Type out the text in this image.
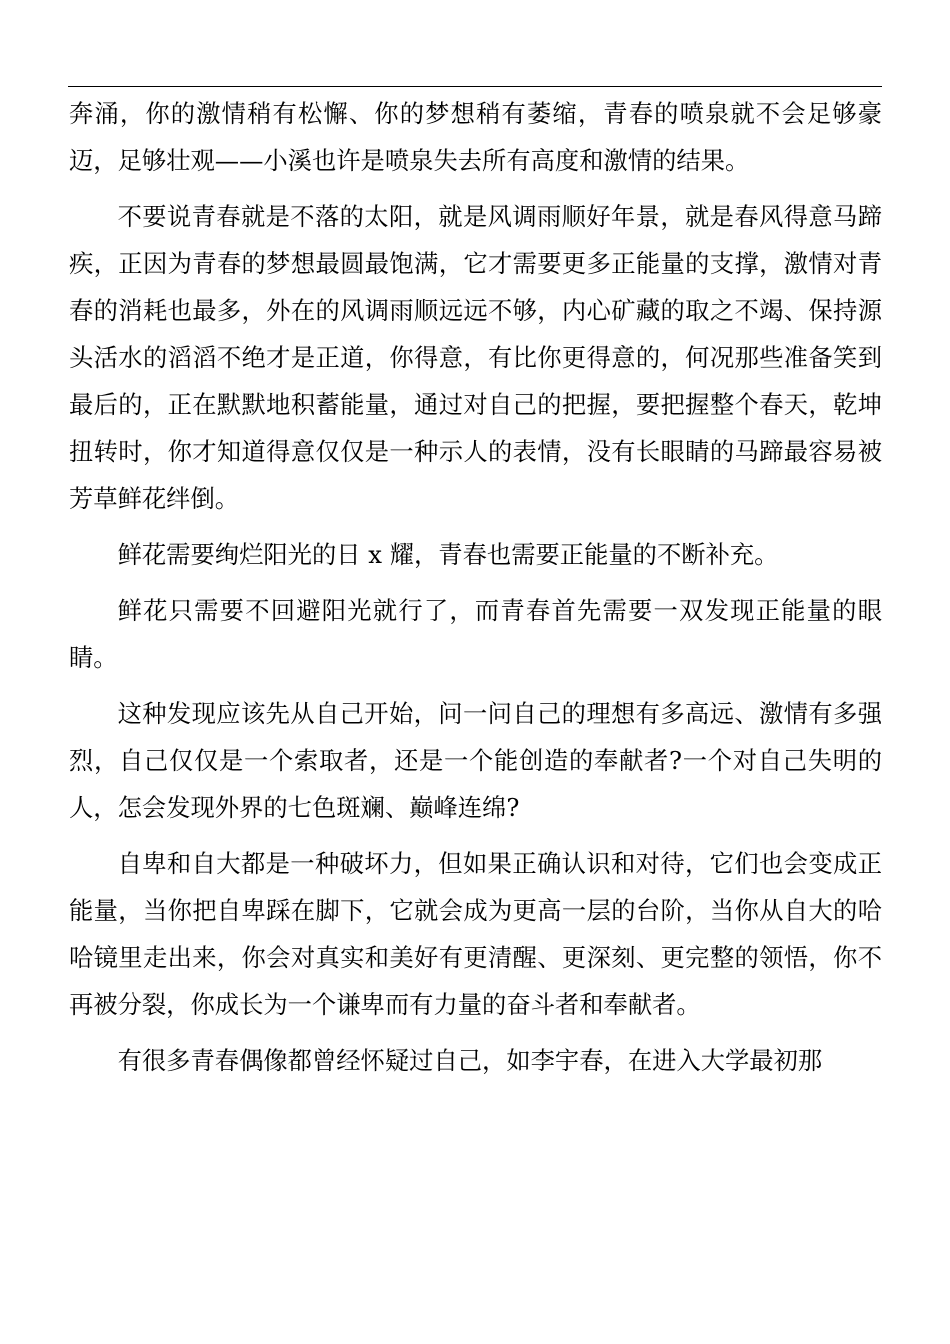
奔涌，你的激情稍有松懈、你的梦想稍有萎缩，青春的喷泉就不会足够豪迈，足够壮观——小溪也许是喷泉失去所有高度和激情的结果。

不要说青春就是不落的太阳，就是风调雨顺好年景，就是春风得意马蹄疾，正因为青春的梦想最圆最饱满，它才需要更多正能量的支撑，激情对青春的消耗也最多，外在的风调雨顺远远不够，内心矿藏的取之不竭、保持源头活水的滔滔不绝才是正道，你得意，有比你更得意的，何况那些准备笑到最后的，正在默默地积蓄能量，通过对自己的把握，要把握整个春天，乾坤扭转时，你才知道得意仅仅是一种示人的表情，没有长眼睛的马蹄最容易被芳草鲜花绊倒。

鲜花需要绚烂阳光的日 x 耀，青春也需要正能量的不断补充。

鲜花只需要不回避阳光就行了，而青春首先需要一双发现正能量的眼睛。

这种发现应该先从自己开始，问一问自己的理想有多高远、激情有多强烈，自己仅仅是一个索取者，还是一个能创造的奉献者?一个对自己失明的人，怎会发现外界的七色斑斓、巅峰连绵?

自卑和自大都是一种破坏力，但如果正确认识和对待，它们也会变成正能量，当你把自卑踩在脚下，它就会成为更高一层的台阶，当你从自大的哈哈镜里走出来，你会对真实和美好有更清醒、更深刻、更完整的领悟，你不再被分裂，你成长为一个谦卑而有力量的奋斗者和奉献者。

有很多青春偶像都曾经怀疑过自己，如李宇春，在进入大学最初那
